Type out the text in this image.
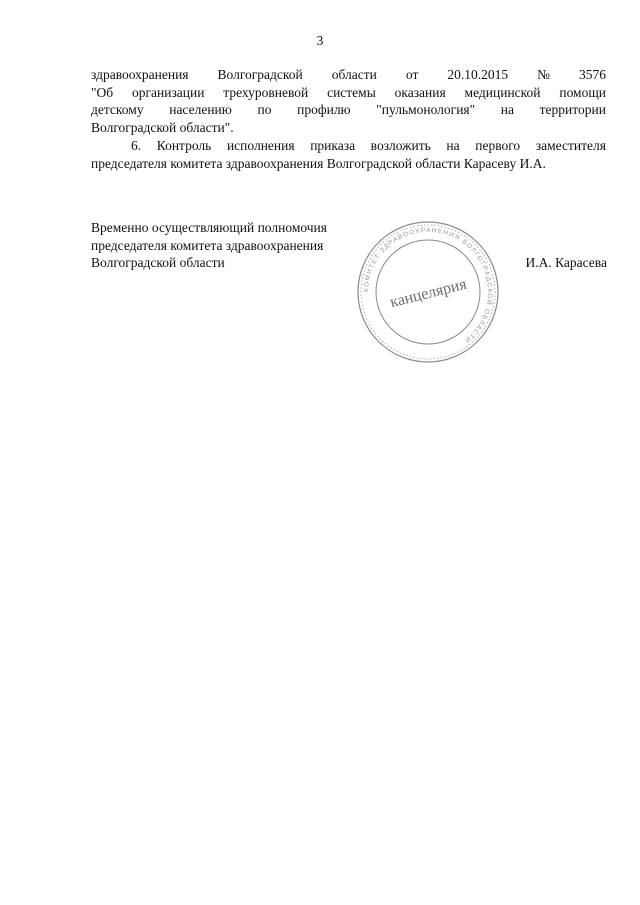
3
здравоохранения Волгоградской области от 20.10.2015 № 3576
"Об организации трехуровневой системы оказания медицинской помощи
детскому населению по профилю "пульмонология" на территории
Волгоградской области".
6. Контроль исполнения приказа возложить на первого заместителя
председателя комитета здравоохранения Волгоградской области Карасеву И.А.
Временно осуществляющий полномочия
председателя комитета здравоохранения
Волгоградской области
КОМИТЕТ ЗДРАВООХРАНЕНИЯ ВОЛГОГРАДСКОЙ ОБЛАСТИ
канцелярия
И.А. Карасева
